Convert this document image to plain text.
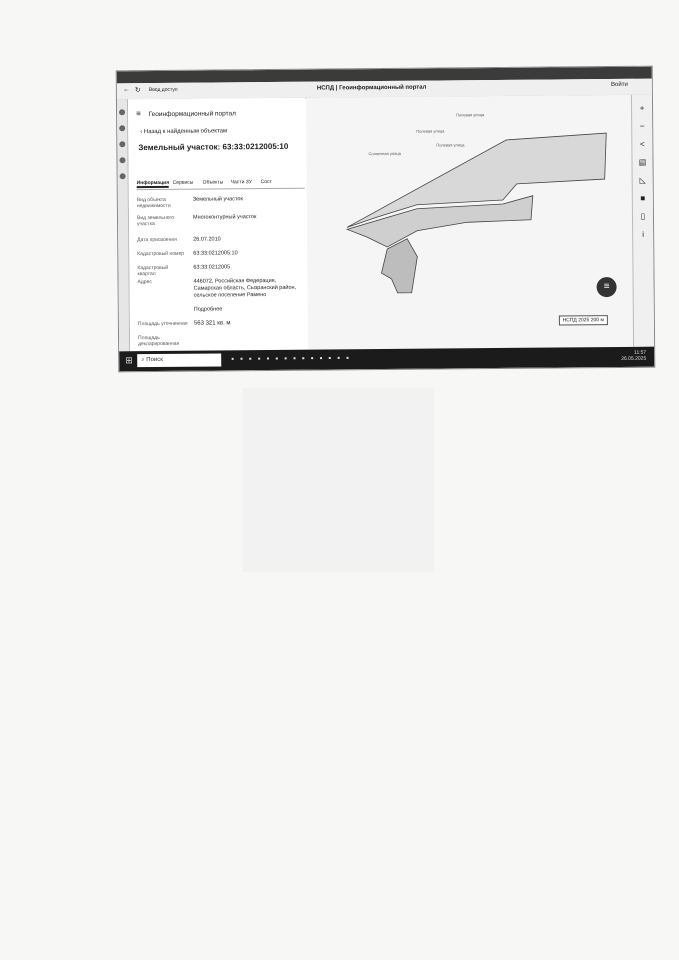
← ↻ Ввод доступ	НСПД | Геоинформационный портал	Войти
≡ Геоинформационный портал
‹ Назад к найденным объектам
Земельный участок: 63:33:0212005:10
Информация Сервисы Объекты Части ЗУ Сост
Вид объекта недвижимости
Земельный участок
Вид земельного участка
Многоконтурный участок
Дата присвоения	26.07.2010
Кадастровый номер	63:33:0212005:10
Кадастровый квартал
63:33:0212005
Адрес	446072, Российская Федерация, Самарская область, Сызранский район, сельское поселение Рамено
Подробнее
Площадь уточненная 563 321 кв. м
Площадь декларированная
Полевая улица
Полевая улица
Солнечная улица
Полевая улица
НСПД 2025 200 м
≡
+
−
<
▤
◺
■
▯
i
⊞	⌕ Поиск	▪▪▪▪▪▪▪▪▪▪▪▪▪▪
11:57
26.05.2025
